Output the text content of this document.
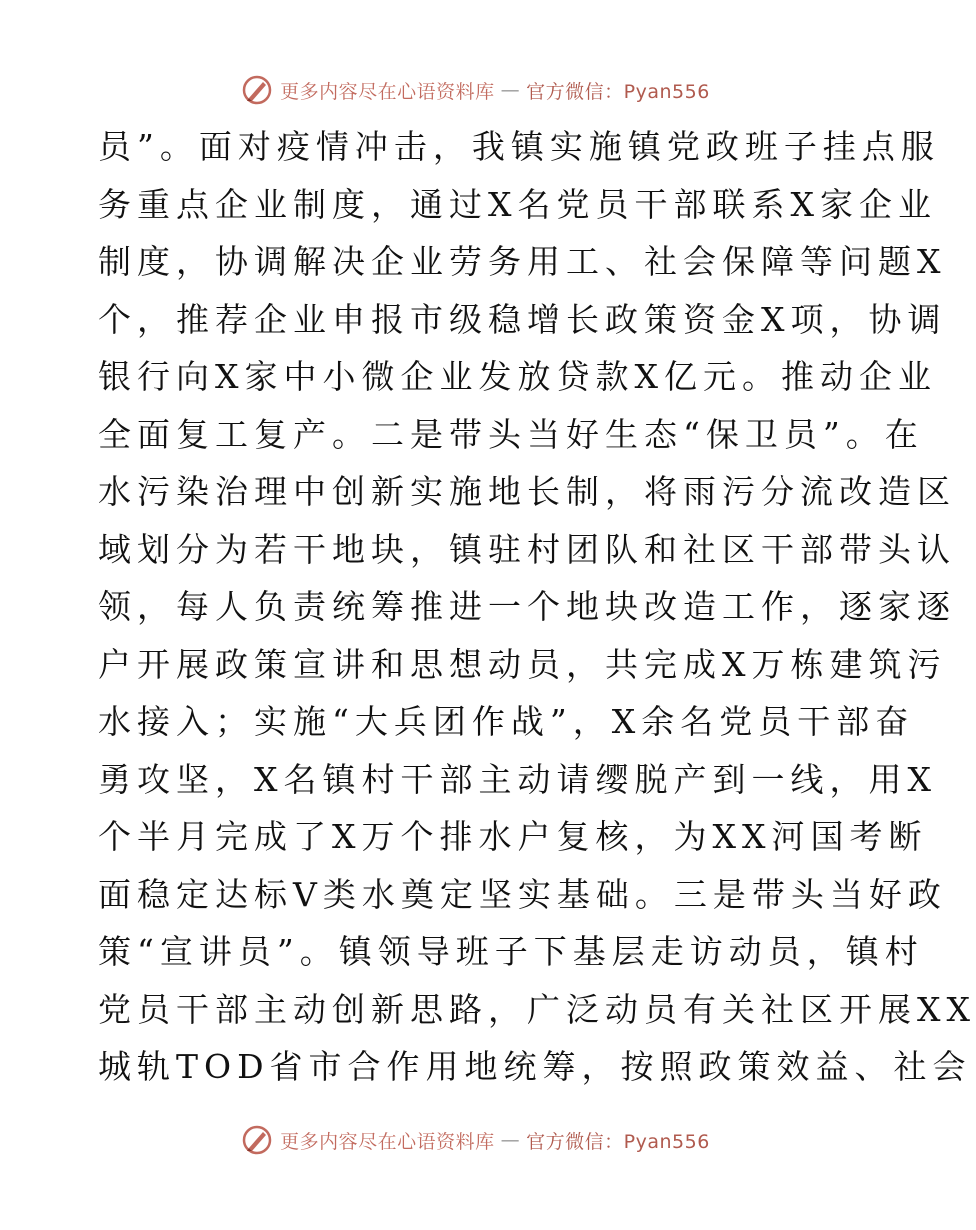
更多内容尽在心语资料库 — 官方微信：Pyan556
员”。面对疫情冲击，我镇实施镇党政班子挂点服
务重点企业制度，通过X名党员干部联系X家企业
制度，协调解决企业劳务用工、社会保障等问题X
个，推荐企业申报市级稳增长政策资金X项，协调
银行向X家中小微企业发放贷款X亿元。推动企业
全面复工复产。二是带头当好生态“保卫员”。在
水污染治理中创新实施地长制，将雨污分流改造区
域划分为若干地块，镇驻村团队和社区干部带头认
领，每人负责统筹推进一个地块改造工作，逐家逐
户开展政策宣讲和思想动员，共完成X万栋建筑污
水接入；实施“大兵团作战”，X余名党员干部奋
勇攻坚，X名镇村干部主动请缨脱产到一线，用X
个半月完成了X万个排水户复核，为XX河国考断
面稳定达标V类水奠定坚实基础。三是带头当好政
策“宣讲员”。镇领导班子下基层走访动员，镇村
党员干部主动创新思路，广泛动员有关社区开展XX
城轨TOD省市合作用地统筹，按照政策效益、社会
更多内容尽在心语资料库 — 官方微信：Pyan556
